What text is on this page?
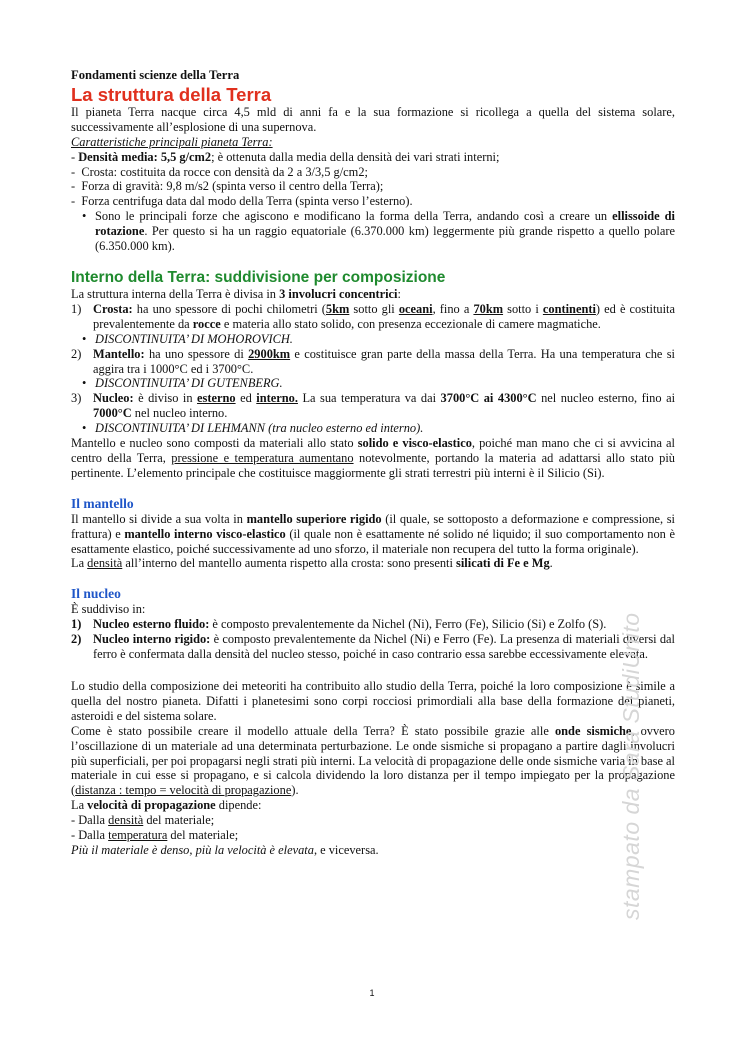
Fondamenti scienze della Terra
La struttura della Terra

Il pianeta Terra nacque circa 4,5 mld di anni fa e la sua formazione si ricollega a quella del sistema solare, successivamente all’esplosione di una supernova.

Caratteristiche principali pianeta Terra:
- Densità media: 5,5 g/cm2; è ottenuta dalla media della densità dei vari strati interni;
-  Crosta: costituita da rocce con densità da 2 a 3/3,5 g/cm2;
-  Forza di gravità: 9,8 m/s2 (spinta verso il centro della Terra);
-  Forza centrifuga data dal modo della Terra (spinta verso l’esterno).
• Sono le principali forze che agiscono e modificano la forma della Terra, andando così a creare un ellissoide di rotazione. Per questo si ha un raggio equatoriale (6.370.000 km) leggermente più grande rispetto a quello polare (6.350.000 km).
Interno della Terra: suddivisione per composizione

La struttura interna della Terra è divisa in 3 involucri concentrici:

1) Crosta: ha uno spessore di pochi chilometri (5km sotto gli oceani, fino a 70km sotto i continenti) ed è costituita prevalentemente da rocce e materia allo stato solido, con presenza eccezionale di camere magmatiche.
• DISCONTINUITA’ DI MOHOROVICH.
2) Mantello: ha uno spessore di 2900km e costituisce gran parte della massa della Terra. Ha una temperatura che si aggira tra i 1000°C ed i 3700°C.
• DISCONTINUITA’ DI GUTENBERG.
3) Nucleo: è diviso in esterno ed interno. La sua temperatura va dai 3700°C ai 4300°C nel nucleo esterno, fino ai 7000°C nel nucleo interno.
• DISCONTINUITA’ DI LEHMANN (tra nucleo esterno ed interno).

Mantello e nucleo sono composti da materiali allo stato solido e visco-elastico, poiché man mano che ci si avvicina al centro della Terra, pressione e temperatura aumentano notevolmente, portando la materia ad adattarsi allo stato più pertinente. L’elemento principale che costituisce maggiormente gli strati terrestri più interni è il Silicio (Si).

Il mantello

Il mantello si divide a sua volta in mantello superiore rigido (il quale, se sottoposto a deformazione e compressione, si frattura) e mantello interno visco-elastico (il quale non è esattamente né solido né liquido; il suo comportamento non è esattamente elastico, poiché successivamente ad uno sforzo, il materiale non recupera del tutto la forma originale).

La densità all’interno del mantello aumenta rispetto alla crosta: sono presenti silicati di Fe e Mg.

Il nucleo

È suddiviso in:

1) Nucleo esterno fluido: è composto prevalentemente da Nichel (Ni), Ferro (Fe), Silicio (Si) e Zolfo (S).
2) Nucleo interno rigido: è composto prevalentemente da Nichel (Ni) e Ferro (Fe). La presenza di materiali diversi dal ferro è confermata dalla densità del nucleo stesso, poiché in caso contrario essa sarebbe eccessivamente elevata.

Lo studio della composizione dei meteoriti ha contribuito allo studio della Terra, poiché la loro composizione è simile a quella del nostro pianeta. Difatti i planetesimi sono corpi rocciosi primordiali alla base della formazione dei pianeti, asteroidi e del sistema solare.

Come è stato possibile creare il modello attuale della Terra? È stato possibile grazie alle onde sismiche, ovvero l’oscillazione di un materiale ad una determinata perturbazione. Le onde sismiche si propagano a partire dagli involucri più superficiali, per poi propagarsi negli strati più interni. La velocità di propagazione delle onde sismiche varia in base al materiale in cui esse si propagano, e si calcola dividendo la loro distanza per il tempo impiegato per la propagazione (distanza : tempo = velocità di propagazione).

La velocità di propagazione dipende:

- Dalla densità del materiale;
- Dalla temperatura del materiale;

Più il materiale è denso, più la velocità è elevata, e viceversa.	stampato da Sara StudiUnito
1
